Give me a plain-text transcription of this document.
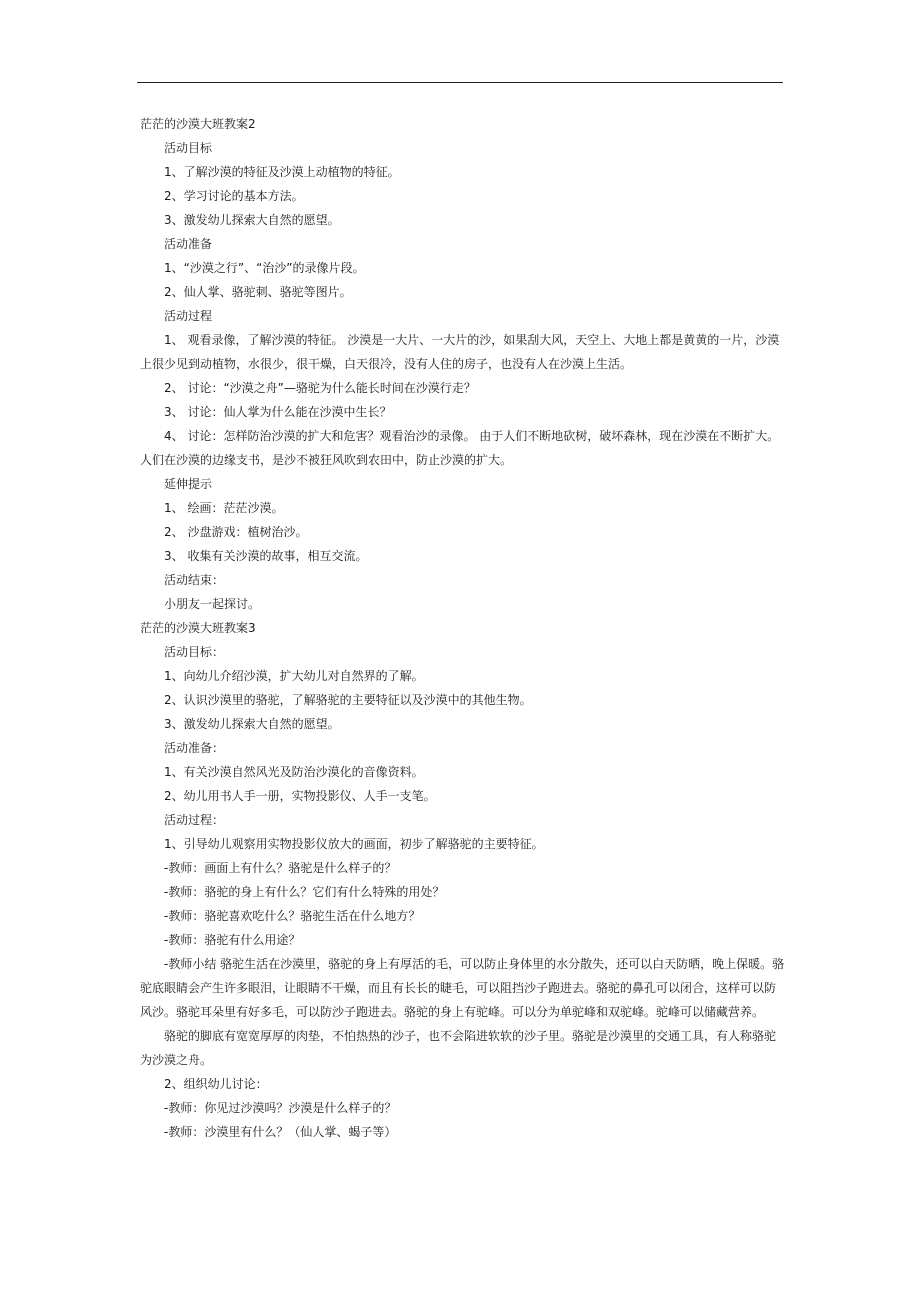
茫茫的沙漠大班教案2

活动目标

1、了解沙漠的特征及沙漠上动植物的特征。

2、学习讨论的基本方法。

3、激发幼儿探索大自然的愿望。

活动准备

1、“沙漠之行”、“治沙”的录像片段。

2、仙人掌、骆驼刺、骆驼等图片。

活动过程

1、 观看录像，了解沙漠的特征。 沙漠是一大片、一大片的沙，如果刮大风，天空上、大地上都是黄黄的一片，沙漠上很少见到动植物，水很少，很干燥，白天很冷，没有人住的房子，也没有人在沙漠上生活。

2、 讨论：“沙漠之舟”—骆驼为什么能长时间在沙漠行走？

3、 讨论：仙人掌为什么能在沙漠中生长？

4、 讨论：怎样防治沙漠的扩大和危害？观看治沙的录像。 由于人们不断地砍树，破坏森林，现在沙漠在不断扩大。人们在沙漠的边缘支书，是沙不被狂风吹到农田中，防止沙漠的扩大。

延伸提示

1、 绘画：茫茫沙漠。

2、 沙盘游戏：植树治沙。

3、 收集有关沙漠的故事，相互交流。

活动结束：

小朋友一起探讨。

茫茫的沙漠大班教案3

活动目标：

1、向幼儿介绍沙漠，扩大幼儿对自然界的了解。

2、认识沙漠里的骆驼，了解骆驼的主要特征以及沙漠中的其他生物。

3、激发幼儿探索大自然的愿望。

活动准备：

1、有关沙漠自然风光及防治沙漠化的音像资料。

2、幼儿用书人手一册，实物投影仪、人手一支笔。

活动过程：

1、引导幼儿观察用实物投影仪放大的画面，初步了解骆驼的主要特征。

-教师：画面上有什么？骆驼是什么样子的？

-教师：骆驼的身上有什么？它们有什么特殊的用处？

-教师：骆驼喜欢吃什么？骆驼生活在什么地方？

-教师：骆驼有什么用途？

-教师小结 骆驼生活在沙漠里，骆驼的身上有厚活的毛，可以防止身体里的水分散失，还可以白天防晒，晚上保暖。骆驼底眼睛会产生许多眼泪，让眼睛不干燥，而且有长长的睫毛，可以阻挡沙子跑进去。骆驼的鼻孔可以闭合，这样可以防风沙。骆驼耳朵里有好多毛，可以防沙子跑进去。骆驼的身上有驼峰。可以分为单驼峰和双驼峰。驼峰可以储藏营养。

骆驼的脚底有宽宽厚厚的肉垫，不怕热热的沙子，也不会陷进软软的沙子里。骆驼是沙漠里的交通工具，有人称骆驼为沙漠之舟。

2、组织幼儿讨论：

-教师：你见过沙漠吗？沙漠是什么样子的？

-教师：沙漠里有什么？（仙人掌、蝎子等）
